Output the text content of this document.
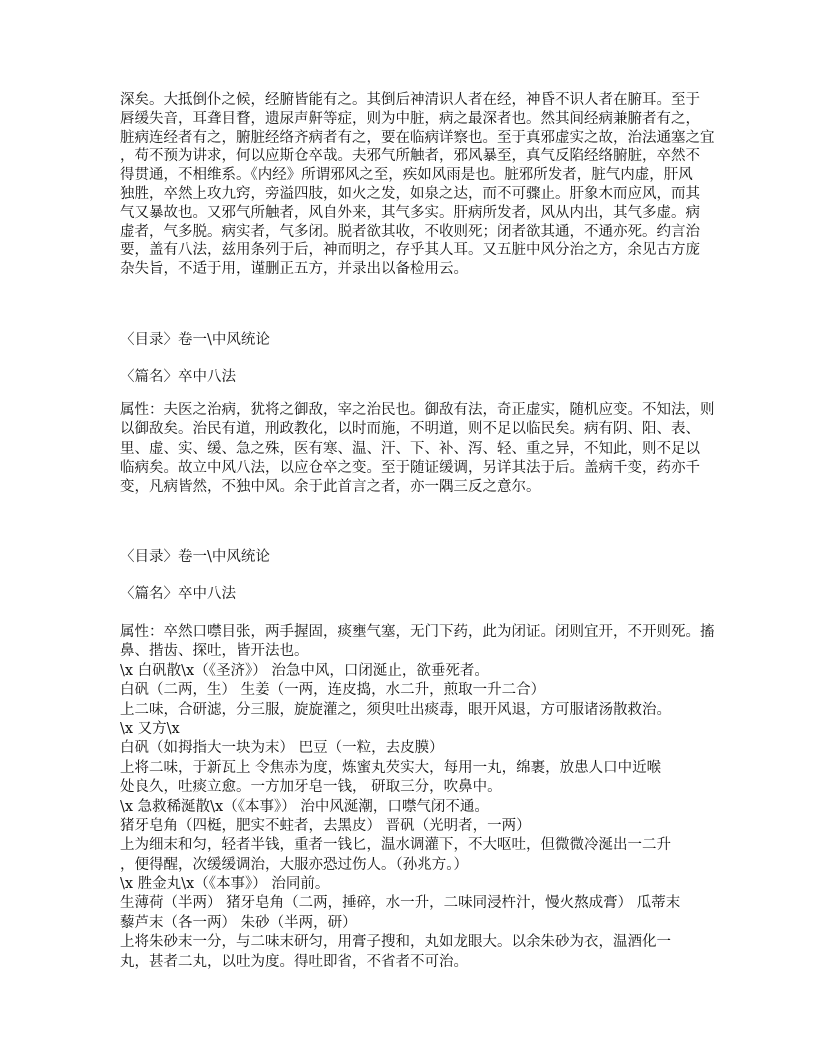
深矣。大抵倒仆之候，经腑皆能有之。其倒后神清识人者在经，神昏不识人者在腑耳。至于
唇缓失音，耳聋目瞀，遗尿声鼾等症，则为中脏，病之最深者也。然其间经病兼腑者有之，
脏病连经者有之，腑脏经络齐病者有之，要在临病详察也。至于真邪虚实之故，治法通塞之宜
，苟不预为讲求，何以应斯仓卒哉。夫邪气所触者，邪风暴至，真气反陷经络腑脏，卒然不
得贯通，不相维系。《内经》所谓邪风之至，疾如风雨是也。脏邪所发者，脏气内虚，肝风
独胜，卒然上攻九窍，旁溢四肢，如火之发，如泉之达，而不可骤止。肝象木而应风，而其
气又暴故也。又邪气所触者，风自外来，其气多实。肝病所发者，风从内出，其气多虚。病
虚者，气多脱。病实者，气多闭。脱者欲其收，不收则死；闭者欲其通，不通亦死。约言治
要，盖有八法，兹用条列于后，神而明之，存乎其人耳。又五脏中风分治之方，余见古方庞
杂失旨，不适于用，谨删正五方，并录出以备检用云。
〈目录〉卷一\中风统论
〈篇名〉卒中八法
属性：夫医之治病，犹将之御敌，宰之治民也。御敌有法，奇正虚实，随机应变。不知法，则
以御敌矣。治民有道，刑政教化，以时而施，不明道，则不足以临民矣。病有阴、阳、表、
里、虚、实、缓、急之殊，医有寒、温、汗、下、补、泻、轻、重之异，不知此，则不足以
临病矣。故立中风八法，以应仓卒之变。至于随证缓调，另详其法于后。盖病千变，药亦千
变，凡病皆然，不独中风。余于此首言之者，亦一隅三反之意尔。
〈目录〉卷一\中风统论
〈篇名〉卒中八法
属性：卒然口噤目张，两手握固，痰壅气塞，无门下药，此为闭证。闭则宜开，不开则死。搐
鼻、揩齿、探吐，皆开法也。
\x 白矾散\x（《圣济》） 治急中风，口闭涎止，欲垂死者。
白矾（二两，生） 生姜（一两，连皮捣，水二升，煎取一升二合）
上二味，合研滤，分三服，旋旋灌之，须臾吐出痰毒，眼开风退，方可服诸汤散救治。
\x 又方\x
白矾（如拇指大一块为末） 巴豆（一粒，去皮膜）
上将二味，于新瓦上 令焦赤为度，炼蜜丸芡实大，每用一丸，绵裹，放患人口中近喉
处良久，吐痰立愈。一方加牙皂一钱， 研取三分，吹鼻中。
\x 急救稀涎散\x（《本事》） 治中风涎潮，口噤气闭不通。
猪牙皂角（四梃，肥实不蛀者，去黑皮） 晋矾（光明者，一两）
上为细末和匀，轻者半钱，重者一钱匕，温水调灌下，不大呕吐，但微微冷涎出一二升
，便得醒，次缓缓调治，大服亦恐过伤人。（孙兆方。）
\x 胜金丸\x（《本事》） 治同前。
生薄荷（半两） 猪牙皂角（二两，捶碎，水一升，二味同浸杵汁，慢火熬成膏） 瓜蒂末
藜芦末（各一两） 朱砂（半两，研）
上将朱砂末一分，与二味末研匀，用膏子搜和，丸如龙眼大。以余朱砂为衣，温酒化一
丸，甚者二丸，以吐为度。得吐即省，不省者不可治。
